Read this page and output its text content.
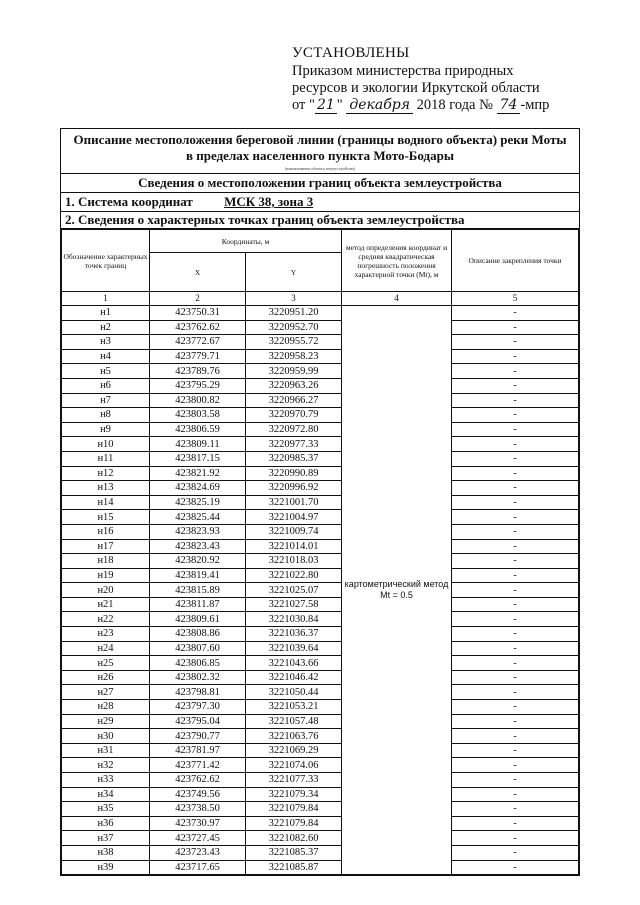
УСТАНОВЛЕНЫ
Приказом министерства природных
ресурсов и экологии Иркутской области
от " 21 " декабря 2018 года № 74 -мпр
Описание местоположения береговой линии (границы водного объекта) реки Моты в пределах населенного пункта Мото-Бодары
(наименование объекта землеустройства)
Сведения о местоположении границ объекта землеустройства
1. Система координат МСК 38, зона 3
2. Сведения о характерных точках границ объекта землеустройства
Обозначение характерных точек границ	Координаты, м		метод определения координат и средняя квадратическая погрешность положения характерной точки (Mt), м	Описание закрепления точки
	X	Y		
1	2	3	4	5
н1	423750.31	3220951.20	картометрический метод Mt = 0.5	-
н2	423762.62	3220952.70		-
н3	423772.67	3220955.72		-
н4	423779.71	3220958.23		-
н5	423789.76	3220959.99		-
н6	423795.29	3220963.26		-
н7	423800.82	3220966.27		-
н8	423803.58	3220970.79		-
н9	423806.59	3220972.80		-
н10	423809.11	3220977.33		-
н11	423817.15	3220985.37		-
н12	423821.92	3220990.89		-
н13	423824.69	3220996.92		-
н14	423825.19	3221001.70		-
н15	423825.44	3221004.97		-
н16	423823.93	3221009.74		-
н17	423823.43	3221014.01		-
н18	423820.92	3221018.03		-
н19	423819.41	3221022.80		-
н20	423815.89	3221025.07		-
н21	423811.87	3221027.58		-
н22	423809.61	3221030.84		-
н23	423808.86	3221036.37		-
н24	423807.60	3221039.64		-
н25	423806.85	3221043.66		-
н26	423802.32	3221046.42		-
н27	423798.81	3221050.44		-
н28	423797.30	3221053.21		-
н29	423795.04	3221057.48		-
н30	423790.77	3221063.76		-
н31	423781.97	3221069.29		-
н32	423771.42	3221074.06		-
н33	423762.62	3221077.33		-
н34	423749.56	3221079.34		-
н35	423738.50	3221079.84		-
н36	423730.97	3221079.84		-
н37	423727.45	3221082.60		-
н38	423723.43	3221085.37		-
н39	423717.65	3221085.87		-
